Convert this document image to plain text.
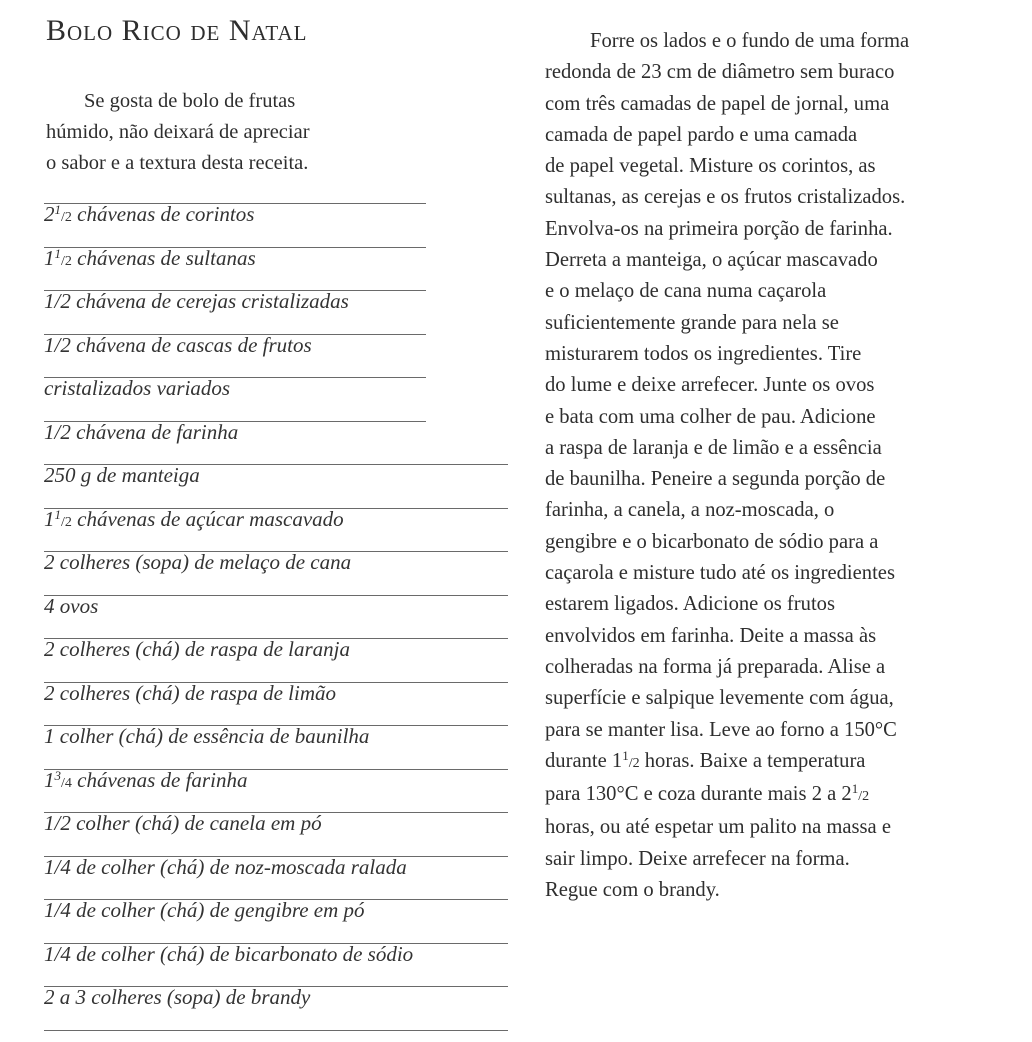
Bolo Rico de Natal

Se gosta de bolo de frutas
húmido, não deixará de apreciar
o sabor e a textura desta receita.

$2^1/2$ chávenas de corintos
$1^1/2$ chávenas de sultanas
1/2 chávena de cerejas cristalizadas
1/2 chávena de cascas de frutos
cristalizados variados
1/2 chávena de farinha
250 g de manteiga
$1^1/2$ chávenas de açúcar mascavado
2 colheres (sopa) de melaço de cana
4 ovos
2 colheres (chá) de raspa de laranja
2 colheres (chá) de raspa de limão
1 colher (chá) de essência de baunilha
$1^3/4$ chávenas de farinha
1/2 colher (chá) de canela em pó
1/4 de colher (chá) de noz-moscada ralada
1/4 de colher (chá) de gengibre em pó
1/4 de colher (chá) de bicarbonato de sódio
2 a 3 colheres (sopa) de brandy

Forre os lados e o fundo de uma forma
redonda de 23 cm de diâmetro sem buraco
com três camadas de papel de jornal, uma
camada de papel pardo e uma camada
de papel vegetal. Misture os corintos, as
sultanas, as cerejas e os frutos cristalizados.
Envolva-os na primeira porção de farinha.
Derreta a manteiga, o açúcar mascavado
e o melaço de cana numa caçarola
suficientemente grande para nela se
misturarem todos os ingredientes. Tire
do lume e deixe arrefecer. Junte os ovos
e bata com uma colher de pau. Adicione
a raspa de laranja e de limão e a essência
de baunilha. Peneire a segunda porção de
farinha, a canela, a noz-moscada, o
gengibre e o bicarbonato de sódio para a
caçarola e misture tudo até os ingredientes
estarem ligados. Adicione os frutos
envolvidos em farinha. Deite a massa às
colheradas na forma já preparada. Alise a
superfície e salpique levemente com água,
para se manter lisa. Leve ao forno a 150°C
durante $1^1/2$ horas. Baixe a temperatura
para 130°C e coza durante mais 2 a $2^1/2$
horas, ou até espetar um palito na massa e
sair limpo. Deixe arrefecer na forma.
Regue com o brandy.
